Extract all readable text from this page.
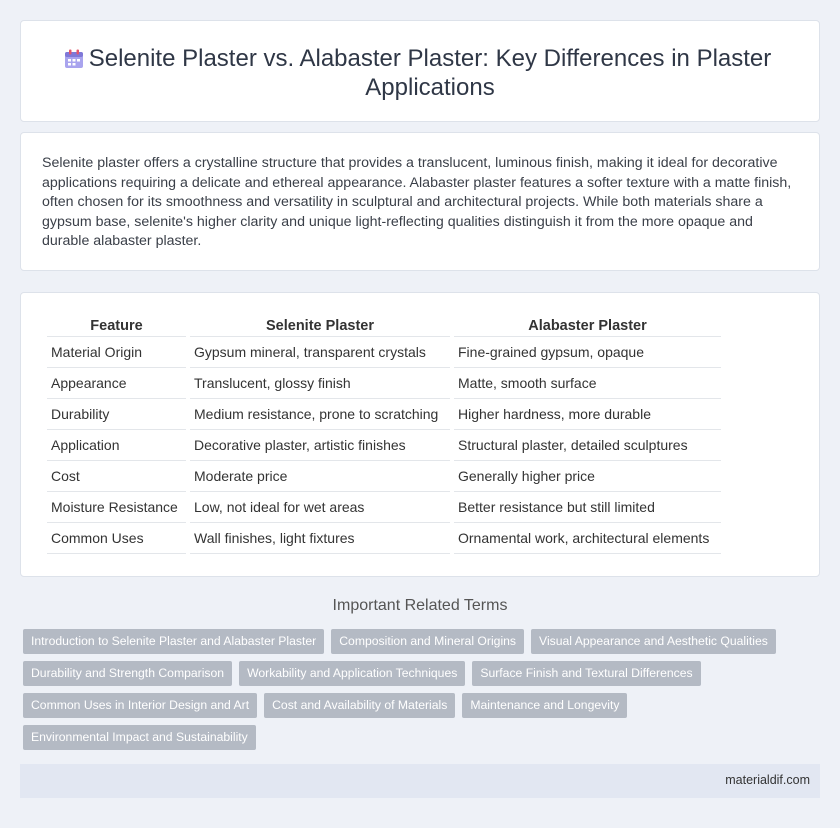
Selenite Plaster vs. Alabaster Plaster: Key Differences in Plaster Applications

Selenite plaster offers a crystalline structure that provides a translucent, luminous finish, making it ideal for decorative applications requiring a delicate and ethereal appearance. Alabaster plaster features a softer texture with a matte finish, often chosen for its smoothness and versatility in sculptural and architectural projects. While both materials share a gypsum base, selenite's higher clarity and unique light-reflecting qualities distinguish it from the more opaque and durable alabaster plaster.

Feature	Selenite Plaster	Alabaster Plaster
Material Origin	Gypsum mineral, transparent crystals	Fine-grained gypsum, opaque
Appearance	Translucent, glossy finish	Matte, smooth surface
Durability	Medium resistance, prone to scratching	Higher hardness, more durable
Application	Decorative plaster, artistic finishes	Structural plaster, detailed sculptures
Cost	Moderate price	Generally higher price
Moisture Resistance	Low, not ideal for wet areas	Better resistance but still limited
Common Uses	Wall finishes, light fixtures	Ornamental work, architectural elements
Important Related Terms
Introduction to Selenite Plaster and Alabaster Plaster Composition and Mineral Origins Visual Appearance and Aesthetic Qualities
Durability and Strength Comparison Workability and Application Techniques Surface Finish and Textural Differences
Common Uses in Interior Design and Art Cost and Availability of Materials Maintenance and Longevity
Environmental Impact and Sustainability
materialdif.com
